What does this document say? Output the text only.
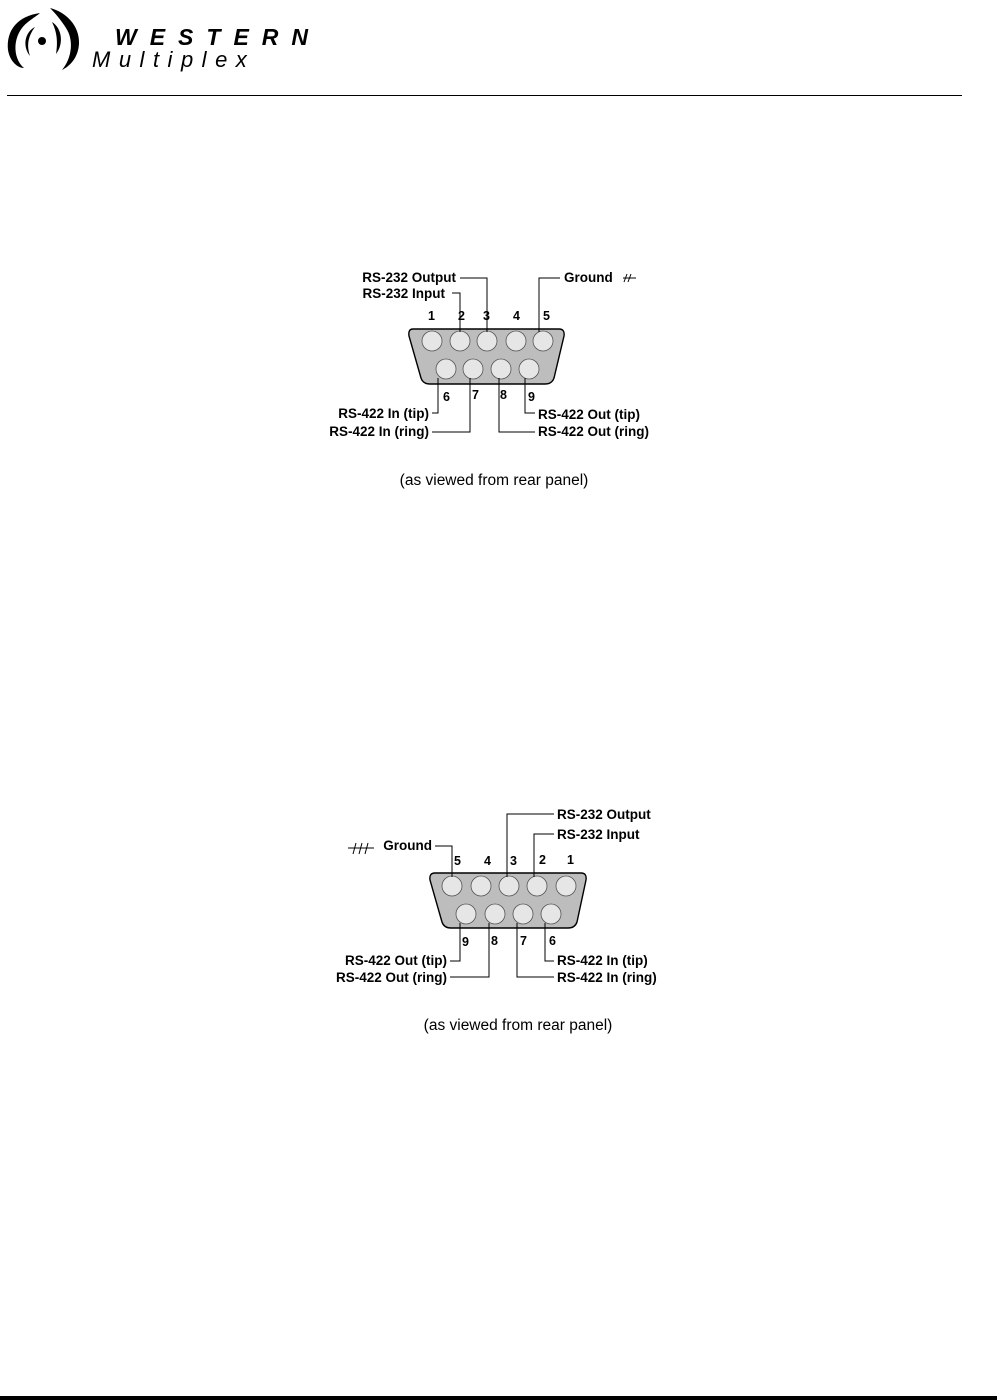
WESTERN
Multiplex
1 2 3 4 5
6 7 8 9
RS-232 Output
RS-232 Input
Ground
RS-422 In (tip)
RS-422 In (ring)
RS-422 Out (tip)
RS-422 Out (ring)
(as viewed from rear panel)
5 4 3 2 1
9 8 7 6
RS-232 Output
RS-232 Input
Ground
RS-422 Out (tip)
RS-422 Out (ring)
RS-422 In (tip)
RS-422 In (ring)
(as viewed from rear panel)
